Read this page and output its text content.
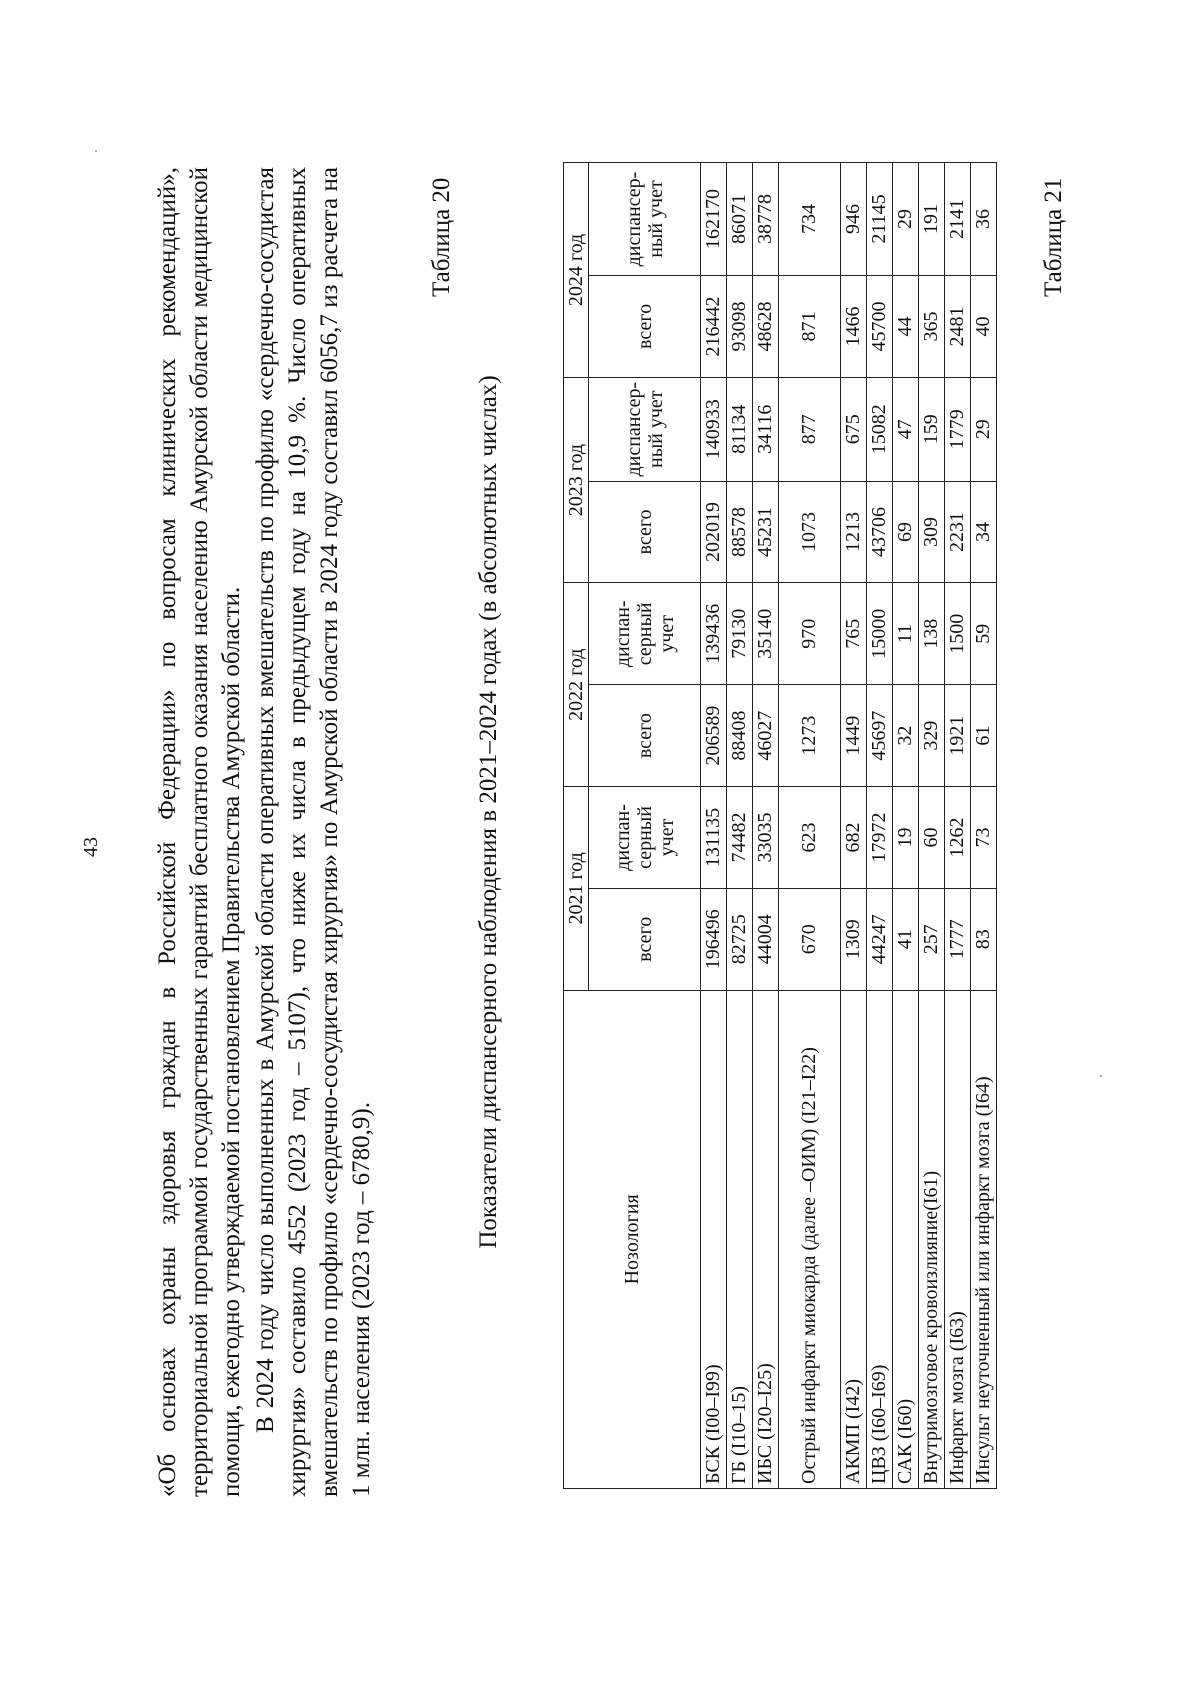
43 «Об основах охраны здоровья граждан в Российской Федерации» по вопросам клинических рекомендаций», территориальной программой государственных гарантий бесплатного оказания населению Амурской области медицинской помощи, ежегодно утверждаемой постановлением Правительства Амурской области. В 2024 году число выполненных в Амурской области оперативных вмешательств по профилю «сердечно-сосудистая хирургия» составило 4552 (2023 год – 5107), что ниже их числа в предыдущем году на 10,9 %. Число оперативных вмешательств по профилю «сердечно-сосудистая хирургия» по Амурской области в 2024 году составил 6056,7 из расчета на 1 млн. населения (2023 год – 6780,9).
Таблица 20
Показатели диспансерного наблюдения в 2021–2024 годах (в абсолютных числах)	Нозология	2021 год		2022 год		2023 год		2024 год	
	всего	диспан-серный учет	всего	диспан-серный учет	всего	диспансер-ный учет	всего	диспансер-ный учет
БСК (I00–I99)	196496	131135	206589	139436	202019	140933	216442	162170
ГБ (I10–15)	82725	74482	88408	79130	88578	81134	93098	86071
ИБС (I20–I25)	44004	33035	46027	35140	45231	34116	48628	38778
Острый инфаркт миокарда (далее –ОИМ) (I21–I22)	670	623	1273	970	1073	877	871	734
АКМП (I42)	1309	682	1449	765	1213	675	1466	946
ЦВЗ (I60–I69)	44247	17972	45697	15000	43706	15082	45700	21145
САК (I60)	41	19	32	11	69	47	44	29
Внутримозговое кровоизлияние(I61)	257	60	329	138	309	159	365	191
Инфаркт мозга (I63)	1777	1262	1921	1500	2231	1779	2481	2141
Инсульт неуточненный или инфаркт мозга (I64)	83	73	61	59	34	29	40	36 Таблица 21
